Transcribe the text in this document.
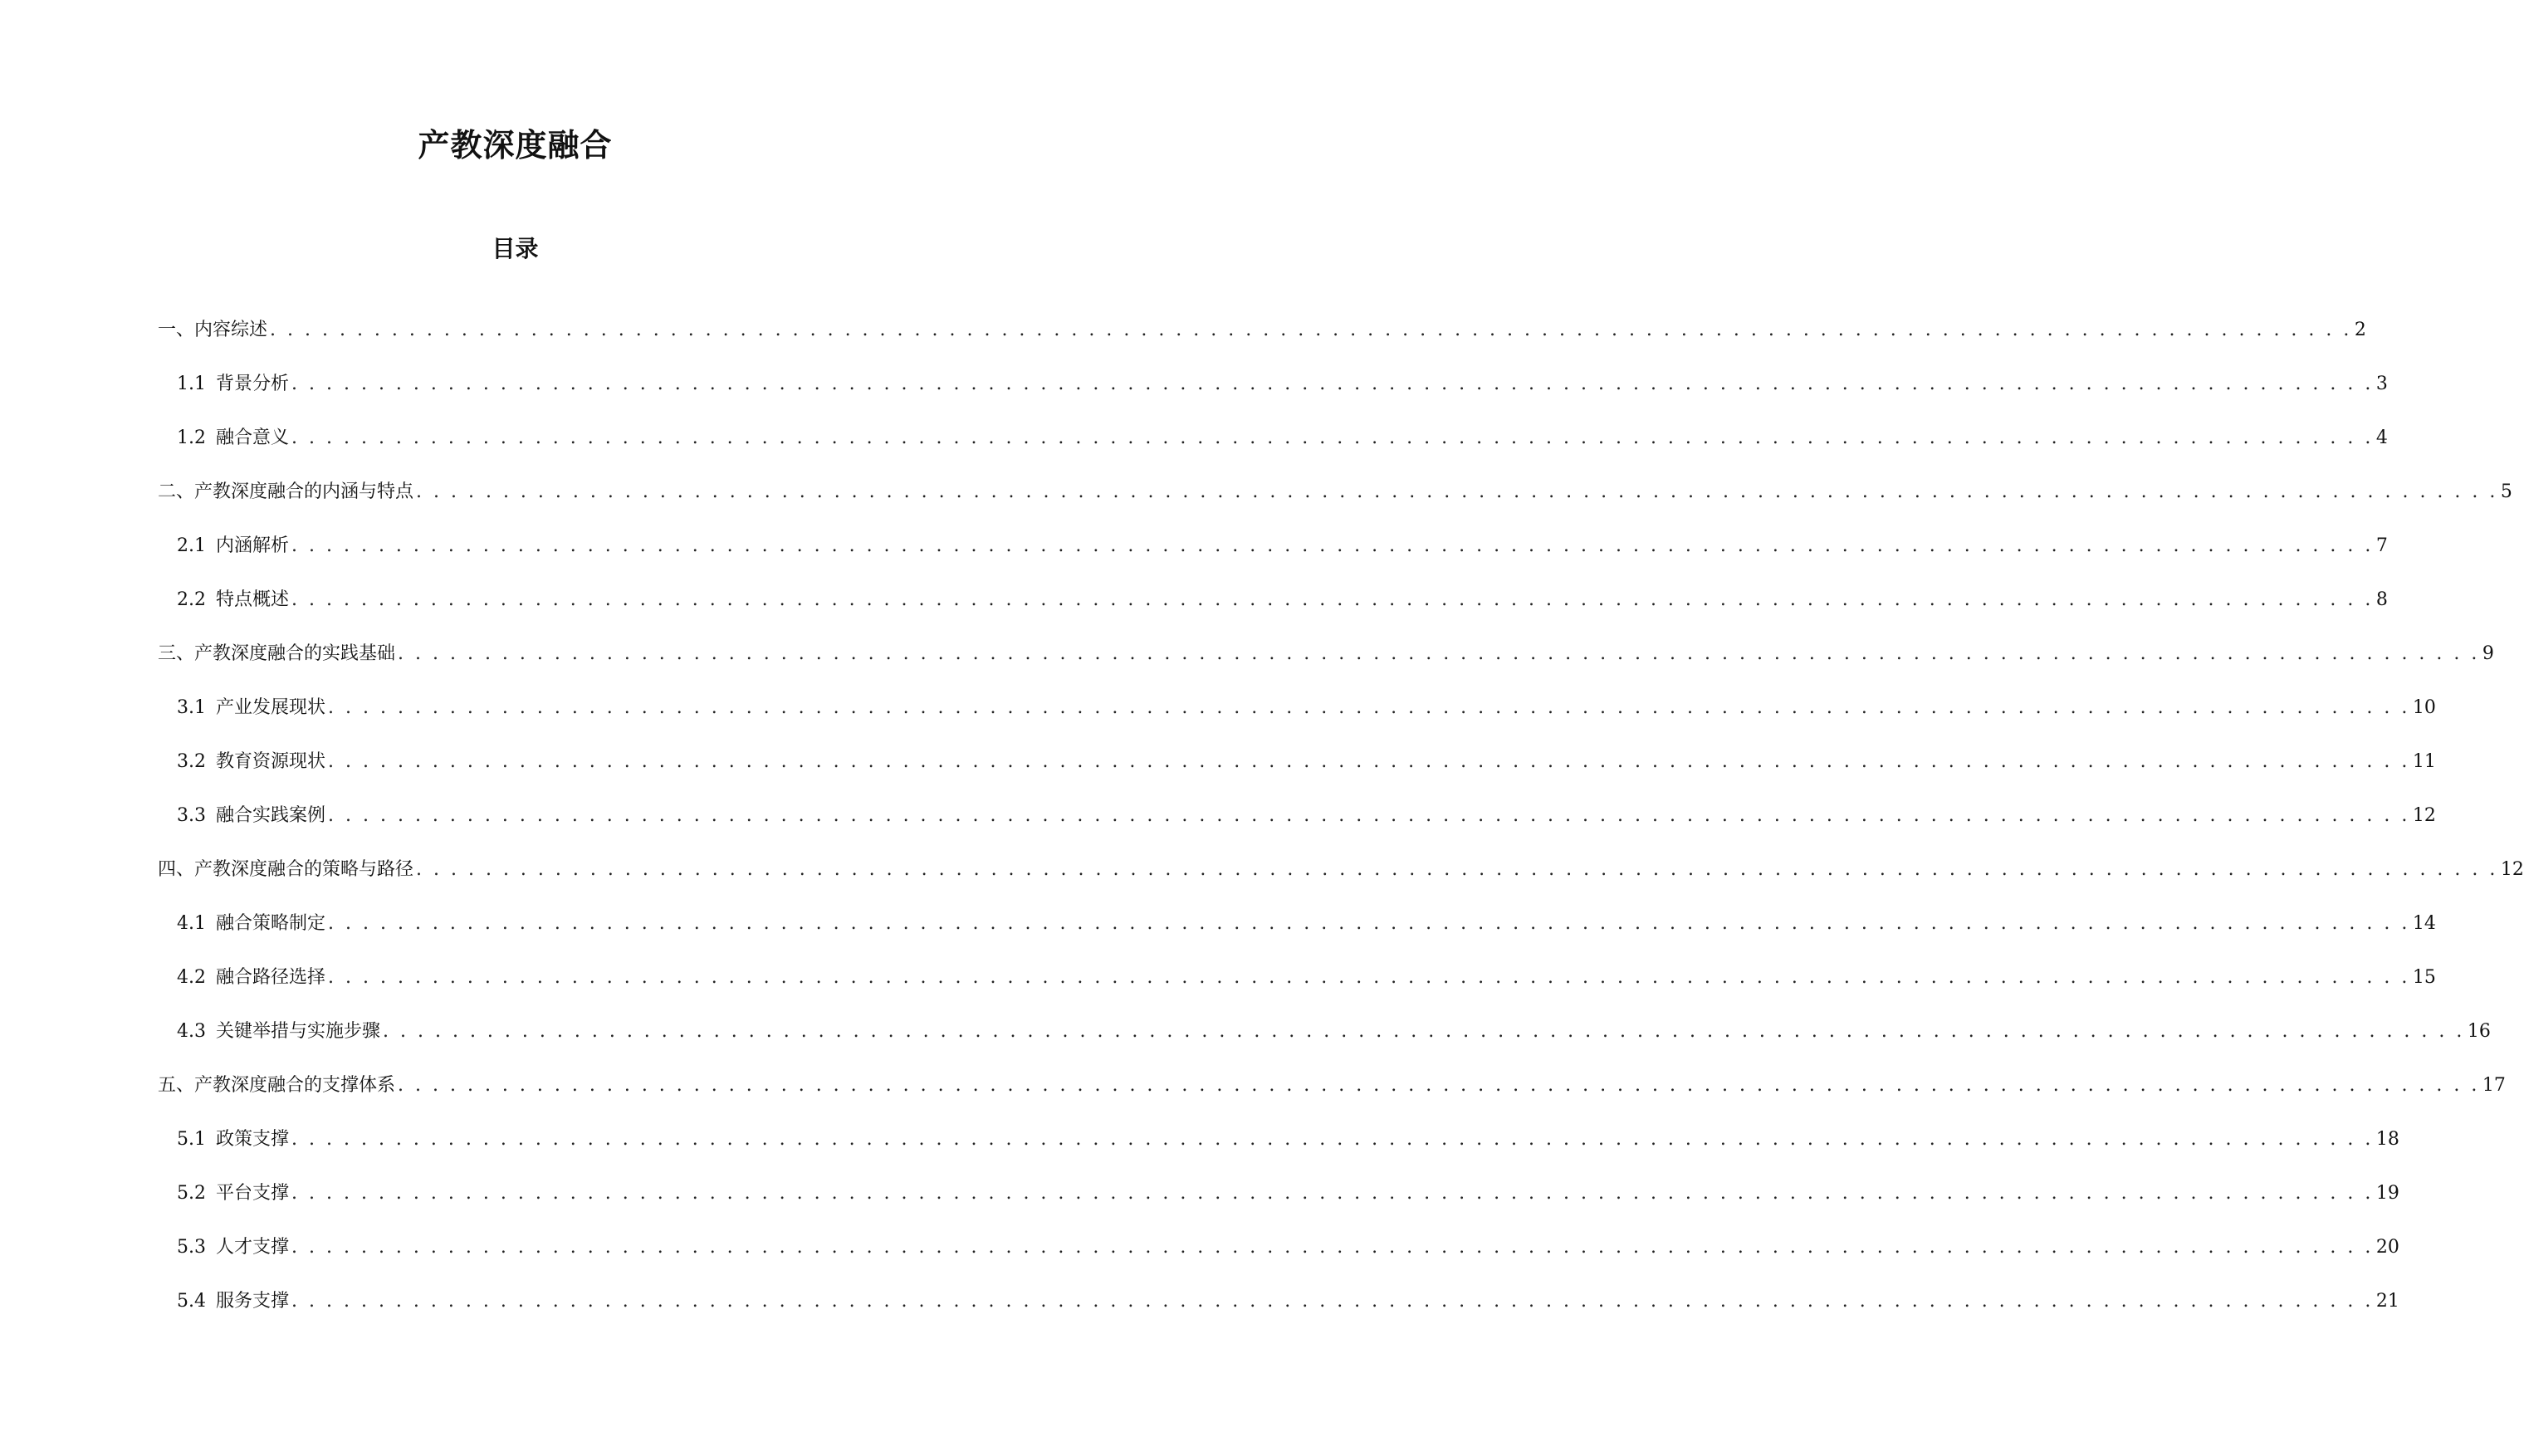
产教深度融合
目录
一、内容综述 . . . . . . . . . . . . . . . . . . . . . . . . . . . . . . . . . . . . . . . . . . . . . . . . . . . . . . . . . . . . . . . . . . . . . . . . . . . . . . . . . . . . . . . . . . . . . . . . . . . . . . . . . . . . . . . . . . . . . . . . 2
1.1 背景分析 . . . . . . . . . . . . . . . . . . . . . . . . . . . . . . . . . . . . . . . . . . . . . . . . . . . . . . . . . . . . . . . . . . . . . . . . . . . . . . . . . . . . . . . . . . . . . . . . . . . . . . . . . . . . . . . . . . . . . . . . 3
1.2 融合意义 . . . . . . . . . . . . . . . . . . . . . . . . . . . . . . . . . . . . . . . . . . . . . . . . . . . . . . . . . . . . . . . . . . . . . . . . . . . . . . . . . . . . . . . . . . . . . . . . . . . . . . . . . . . . . . . . . . . . . . . . 4
二、产教深度融合的内涵与特点 . . . . . . . . . . . . . . . . . . . . . . . . . . . . . . . . . . . . . . . . . . . . . . . . . . . . . . . . . . . . . . . . . . . . . . . . . . . . . . . . . . . . . . . . . . . . . . . . . . . . . . . . . . . . . . . . . . . . . . . . 5
2.1 内涵解析 . . . . . . . . . . . . . . . . . . . . . . . . . . . . . . . . . . . . . . . . . . . . . . . . . . . . . . . . . . . . . . . . . . . . . . . . . . . . . . . . . . . . . . . . . . . . . . . . . . . . . . . . . . . . . . . . . . . . . . . . 7
2.2 特点概述 . . . . . . . . . . . . . . . . . . . . . . . . . . . . . . . . . . . . . . . . . . . . . . . . . . . . . . . . . . . . . . . . . . . . . . . . . . . . . . . . . . . . . . . . . . . . . . . . . . . . . . . . . . . . . . . . . . . . . . . . 8
三、产教深度融合的实践基础 . . . . . . . . . . . . . . . . . . . . . . . . . . . . . . . . . . . . . . . . . . . . . . . . . . . . . . . . . . . . . . . . . . . . . . . . . . . . . . . . . . . . . . . . . . . . . . . . . . . . . . . . . . . . . . . . . . . . . . . . 9
3.1 产业发展现状 . . . . . . . . . . . . . . . . . . . . . . . . . . . . . . . . . . . . . . . . . . . . . . . . . . . . . . . . . . . . . . . . . . . . . . . . . . . . . . . . . . . . . . . . . . . . . . . . . . . . . . . . . . . . . . . . . . . . . . . . 10
3.2 教育资源现状 . . . . . . . . . . . . . . . . . . . . . . . . . . . . . . . . . . . . . . . . . . . . . . . . . . . . . . . . . . . . . . . . . . . . . . . . . . . . . . . . . . . . . . . . . . . . . . . . . . . . . . . . . . . . . . . . . . . . . . . . 11
3.3 融合实践案例 . . . . . . . . . . . . . . . . . . . . . . . . . . . . . . . . . . . . . . . . . . . . . . . . . . . . . . . . . . . . . . . . . . . . . . . . . . . . . . . . . . . . . . . . . . . . . . . . . . . . . . . . . . . . . . . . . . . . . . . . 12
四、产教深度融合的策略与路径 . . . . . . . . . . . . . . . . . . . . . . . . . . . . . . . . . . . . . . . . . . . . . . . . . . . . . . . . . . . . . . . . . . . . . . . . . . . . . . . . . . . . . . . . . . . . . . . . . . . . . . . . . . . . . . . . . . . . . . . . 12
4.1 融合策略制定 . . . . . . . . . . . . . . . . . . . . . . . . . . . . . . . . . . . . . . . . . . . . . . . . . . . . . . . . . . . . . . . . . . . . . . . . . . . . . . . . . . . . . . . . . . . . . . . . . . . . . . . . . . . . . . . . . . . . . . . . 14
4.2 融合路径选择 . . . . . . . . . . . . . . . . . . . . . . . . . . . . . . . . . . . . . . . . . . . . . . . . . . . . . . . . . . . . . . . . . . . . . . . . . . . . . . . . . . . . . . . . . . . . . . . . . . . . . . . . . . . . . . . . . . . . . . . . 15
4.3 关键举措与实施步骤 . . . . . . . . . . . . . . . . . . . . . . . . . . . . . . . . . . . . . . . . . . . . . . . . . . . . . . . . . . . . . . . . . . . . . . . . . . . . . . . . . . . . . . . . . . . . . . . . . . . . . . . . . . . . . . . . . . . . . . . . 16
五、产教深度融合的支撑体系 . . . . . . . . . . . . . . . . . . . . . . . . . . . . . . . . . . . . . . . . . . . . . . . . . . . . . . . . . . . . . . . . . . . . . . . . . . . . . . . . . . . . . . . . . . . . . . . . . . . . . . . . . . . . . . . . . . . . . . . . 17
5.1 政策支撑 . . . . . . . . . . . . . . . . . . . . . . . . . . . . . . . . . . . . . . . . . . . . . . . . . . . . . . . . . . . . . . . . . . . . . . . . . . . . . . . . . . . . . . . . . . . . . . . . . . . . . . . . . . . . . . . . . . . . . . . . 18
5.2 平台支撑 . . . . . . . . . . . . . . . . . . . . . . . . . . . . . . . . . . . . . . . . . . . . . . . . . . . . . . . . . . . . . . . . . . . . . . . . . . . . . . . . . . . . . . . . . . . . . . . . . . . . . . . . . . . . . . . . . . . . . . . . 19
5.3 人才支撑 . . . . . . . . . . . . . . . . . . . . . . . . . . . . . . . . . . . . . . . . . . . . . . . . . . . . . . . . . . . . . . . . . . . . . . . . . . . . . . . . . . . . . . . . . . . . . . . . . . . . . . . . . . . . . . . . . . . . . . . . 20
5.4 服务支撑 . . . . . . . . . . . . . . . . . . . . . . . . . . . . . . . . . . . . . . . . . . . . . . . . . . . . . . . . . . . . . . . . . . . . . . . . . . . . . . . . . . . . . . . . . . . . . . . . . . . . . . . . . . . . . . . . . . . . . . . . 21
